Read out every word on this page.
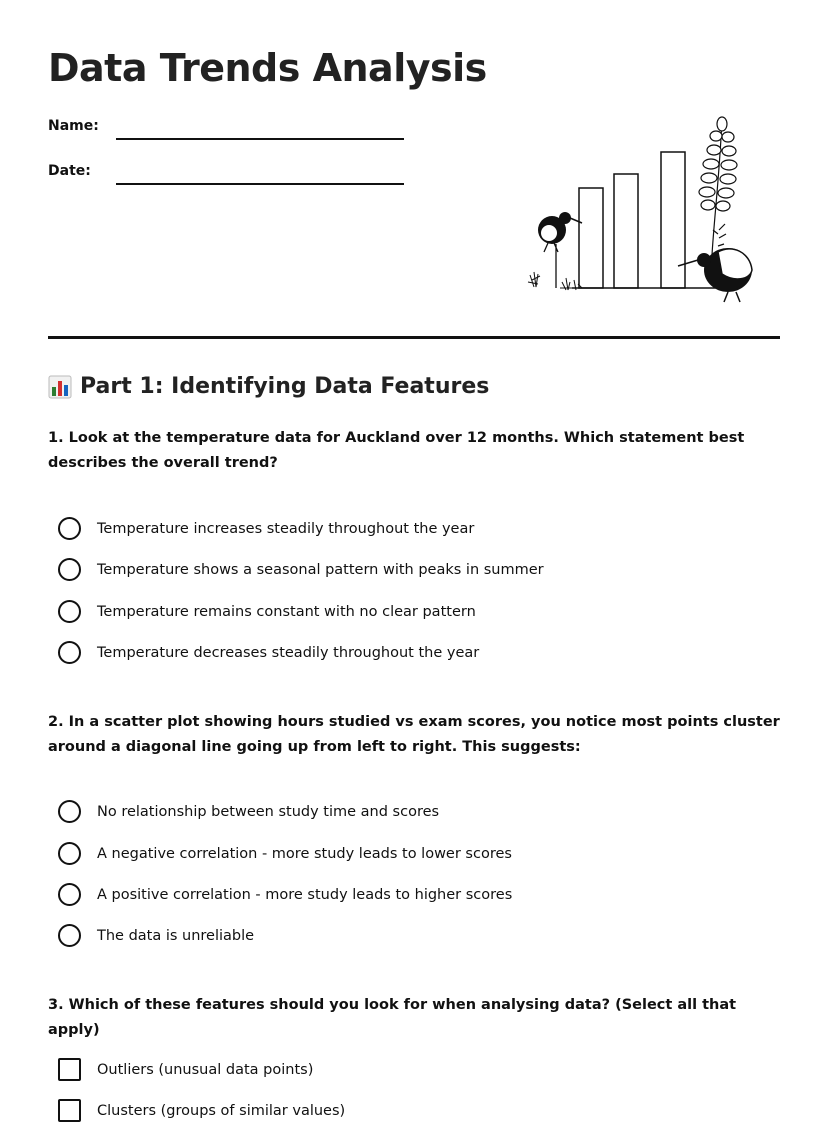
Data Trends Analysis
Name:
Date:
Part 1: Identifying Data Features

1. Look at the temperature data for Auckland over 12 months. Which statement best describes the overall trend?

Temperature increases steadily throughout the year
Temperature shows a seasonal pattern with peaks in summer
Temperature remains constant with no clear pattern
Temperature decreases steadily throughout the year

2. In a scatter plot showing hours studied vs exam scores, you notice most points cluster around a diagonal line going up from left to right. This suggests:

No relationship between study time and scores
A negative correlation - more study leads to lower scores
A positive correlation - more study leads to higher scores
The data is unreliable

3. Which of these features should you look for when analysing data? (Select all that apply)

Outliers (unusual data points)
Clusters (groups of similar values)
